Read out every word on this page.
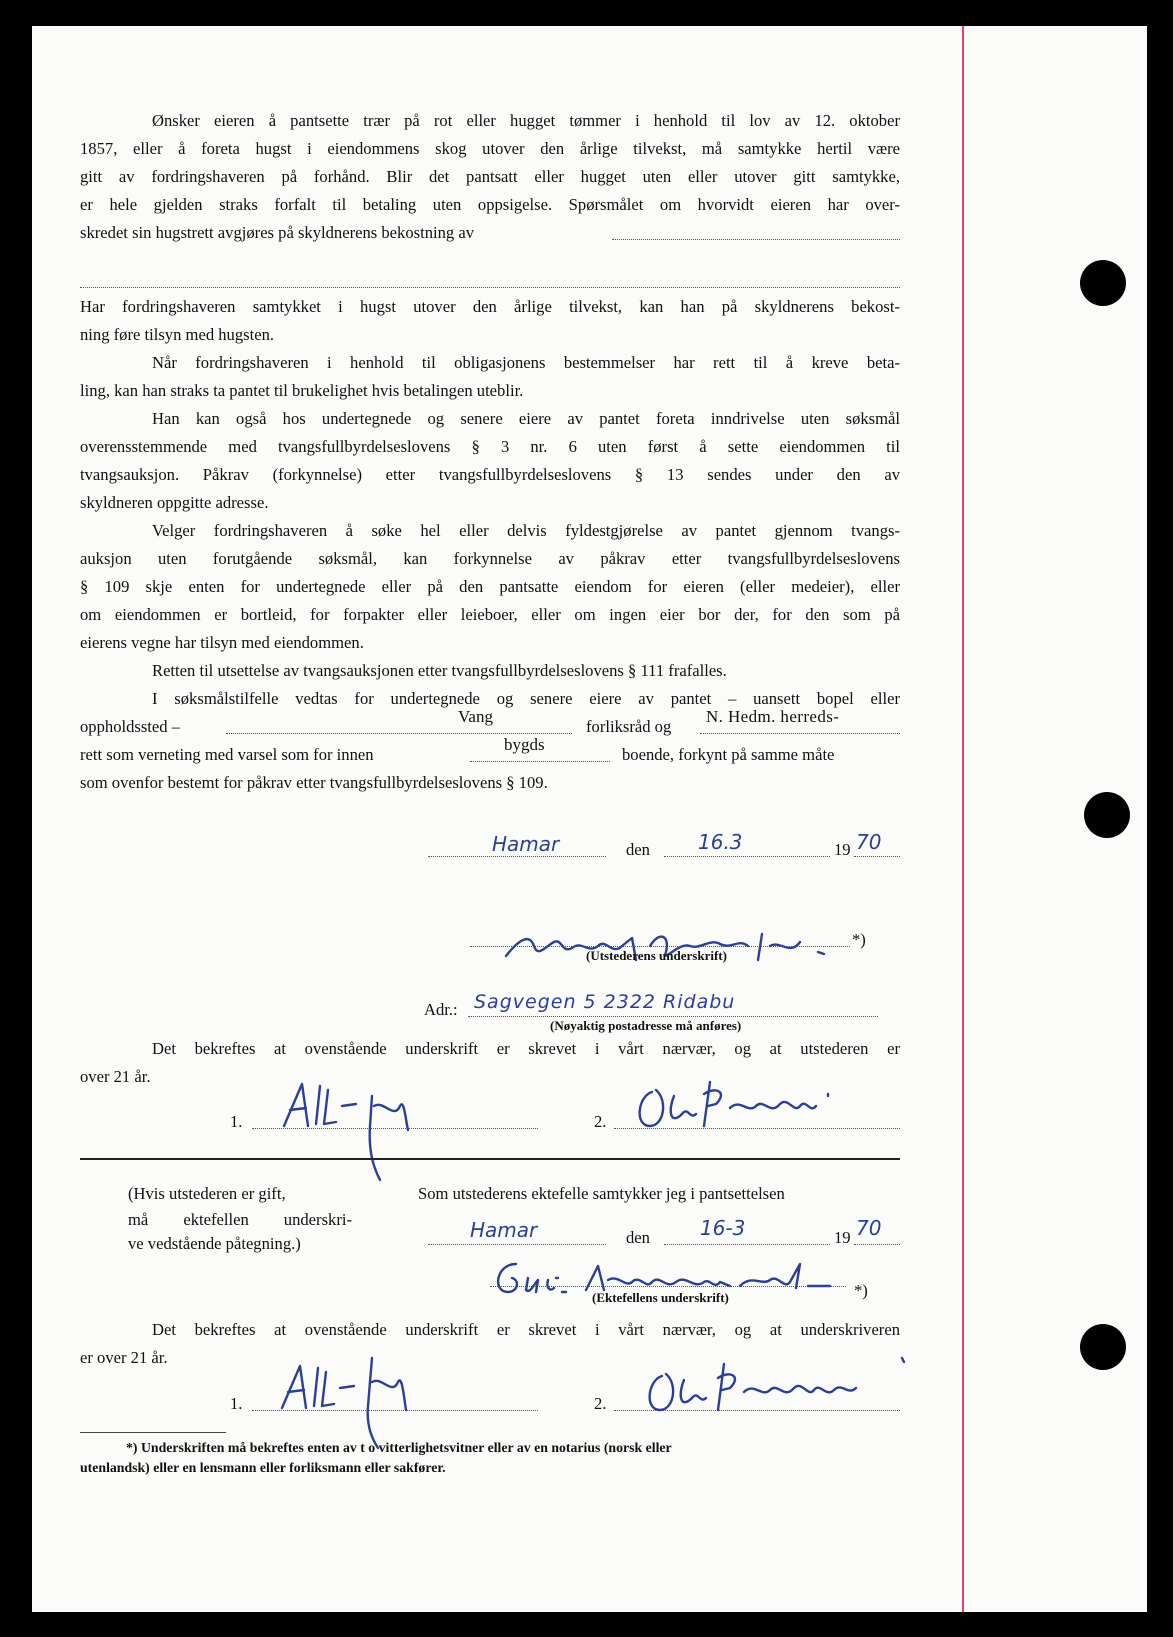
Ønsker eieren å pantsette trær på rot eller hugget tømmer i henhold til lov av 12. oktober
1857, eller å foreta hugst i eiendommens skog utover den årlige tilvekst, må samtykke hertil være
gitt av fordringshaveren på forhånd. Blir det pantsatt eller hugget uten eller utover gitt samtykke,
er hele gjelden straks forfalt til betaling uten oppsigelse. Spørsmålet om hvorvidt eieren har over-
skredet sin hugstrett avgjøres på skyldnerens bekostning av
Har fordringshaveren samtykket i hugst utover den årlige tilvekst, kan han på skyldnerens bekost-
ning føre tilsyn med hugsten.
Når fordringshaveren i henhold til obligasjonens bestemmelser har rett til å kreve beta-
ling, kan han straks ta pantet til brukelighet hvis betalingen uteblir.
Han kan også hos undertegnede og senere eiere av pantet foreta inndrivelse uten søksmål
overensstemmende med tvangsfullbyrdelseslovens § 3 nr. 6 uten først å sette eiendommen til
tvangsauksjon. Påkrav (forkynnelse) etter tvangsfullbyrdelseslovens § 13 sendes under den av
skyldneren oppgitte adresse.
Velger fordringshaveren å søke hel eller delvis fyldestgjørelse av pantet gjennom tvangs-
auksjon uten forutgående søksmål, kan forkynnelse av påkrav etter tvangsfullbyrdelseslovens
§ 109 skje enten for undertegnede eller på den pantsatte eiendom for eieren (eller medeier), eller
om eiendommen er bortleid, for forpakter eller leieboer, eller om ingen eier bor der, for den som på
eierens vegne har tilsyn med eiendommen.
Retten til utsettelse av tvangsauksjonen etter tvangsfullbyrdelseslovens § 111 frafalles.
I søksmålstilfelle vedtas for undertegnede og senere eiere av pantet – uansett bopel eller
oppholdssted –
Vang
forliksråd og
N. Hedm. herreds-
rett som verneting med varsel som for innen
bygds
boende, forkynt på samme måte
som ovenfor bestemt for påkrav etter tvangsfullbyrdelseslovens § 109.
Hamar	den 16.3	19 70
*)
(Utstederens underskrift)
Adr.: Sagvegen 5 2322 Ridabu
(Nøyaktig postadresse må anføres)
Det bekreftes at ovenstående underskrift er skrevet i vårt nærvær, og at utstederen er
over 21 år.
1.	2.
(Hvis utstederen er gift,
må ektefellen underskri-
ve vedstående påtegning.)
Som utstederens ektefelle samtykker jeg i pantsettelsen
Hamar	den	16-3	19 70
*)
(Ektefellens underskrift)
Det bekreftes at ovenstående underskrift er skrevet i vårt nærvær, og at underskriveren
er over 21 år.
1.	2.
*) Underskriften må bekreftes enten av t o vitterlighetsvitner eller av en notarius (norsk eller
utenlandsk) eller en lensmann eller forliksmann eller sakfører.
